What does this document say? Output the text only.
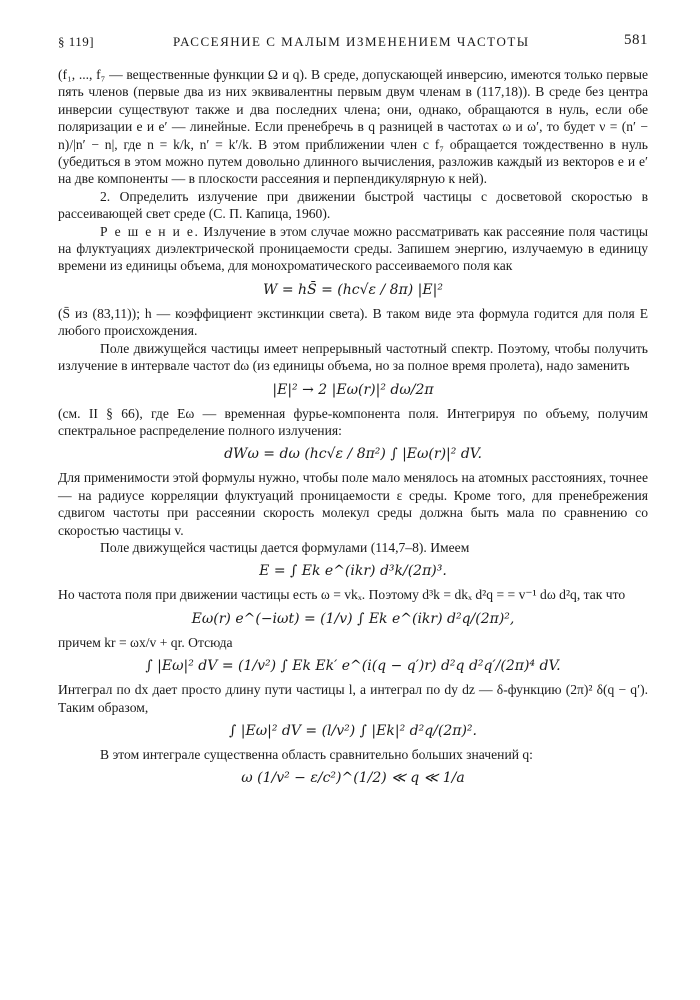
§ 119]	РАССЕЯНИЕ С МАЛЫМ ИЗМЕНЕНИЕМ ЧАСТОТЫ	581

(f₁, ..., f₇ — вещественные функции Ω и q). В среде, допускающей инверсию, имеются только первые пять членов (первые два из них эквивалентны первым двум членам в (117,18)). В среде без центра инверсии существуют также и два последних члена; они, однако, обращаются в нуль, если обе поляризации e и e′ — линейные. Если пренебречь в q разницей в частотах ω и ω′, то будет ν = (n′ − n)/|n′ − n|, где n = k/k, n′ = k′/k. В этом приближении член с f₇ обращается тождественно в нуль (убедиться в этом можно путем довольно длинного вычисления, разложив каждый из векторов e и e′ на две компоненты — в плоскости рассеяния и перпендикулярную к ней).

2. Определить излучение при движении быстрой частицы с досветовой скоростью в рассеивающей свет среде (С. П. Капица, 1960).

Р е ш е н и е. Излучение в этом случае можно рассматривать как рассеяние поля частицы на флуктуациях диэлектрической проницаемости среды. Запишем энергию, излучаемую в единицу времени из единицы объема, для монохроматического рассеиваемого поля как

W = hS̄ = (hc√ε / 8π) |E|²

(S̄ из (83,11)); h — коэффициент экстинкции света). В таком виде эта формула годится для поля E любого происхождения.

Поле движущейся частицы имеет непрерывный частотный спектр. Поэтому, чтобы получить излучение в интервале частот dω (из единицы объема, но за полное время пролета), надо заменить

|E|² → 2 |Eω(r)|² dω/2π

(см. II § 66), где Eω — временная фурье-компонента поля. Интегрируя по объему, получим спектральное распределение полного излучения:

dWω = dω (hc√ε / 8π²) ∫ |Eω(r)|² dV.

Для применимости этой формулы нужно, чтобы поле мало менялось на атомных расстояниях, точнее — на радиусе корреляции флуктуаций проницаемости ε среды. Кроме того, для пренебрежения сдвигом частоты при рассеянии скорость молекул среды должна быть мала по сравнению со скоростью частицы v.

Поле движущейся частицы дается формулами (114,7–8). Имеем

E = ∫ Ek e^(ikr) d³k/(2π)³.

Но частота поля при движении частицы есть ω = vkₓ. Поэтому d³k = dkₓ d²q = = v⁻¹ dω d²q, так что

Eω(r) e^(−iωt) = (1/v) ∫ Ek e^(ikr) d²q/(2π)²,

причем kr = ωx/v + qr. Отсюда

∫ |Eω|² dV = (1/v²) ∫ Ek Ek′ e^(i(q − q′)r) d²q d²q′/(2π)⁴ dV.

Интеграл по dx дает просто длину пути частицы l, а интеграл по dy dz — δ-функцию (2π)² δ(q − q′). Таким образом,

∫ |Eω|² dV = (l/v²) ∫ |Ek|² d²q/(2π)².

В этом интеграле существенна область сравнительно больших значений q:

ω (1/v² − ε/c²)^(1/2) ≪ q ≪ 1/a
